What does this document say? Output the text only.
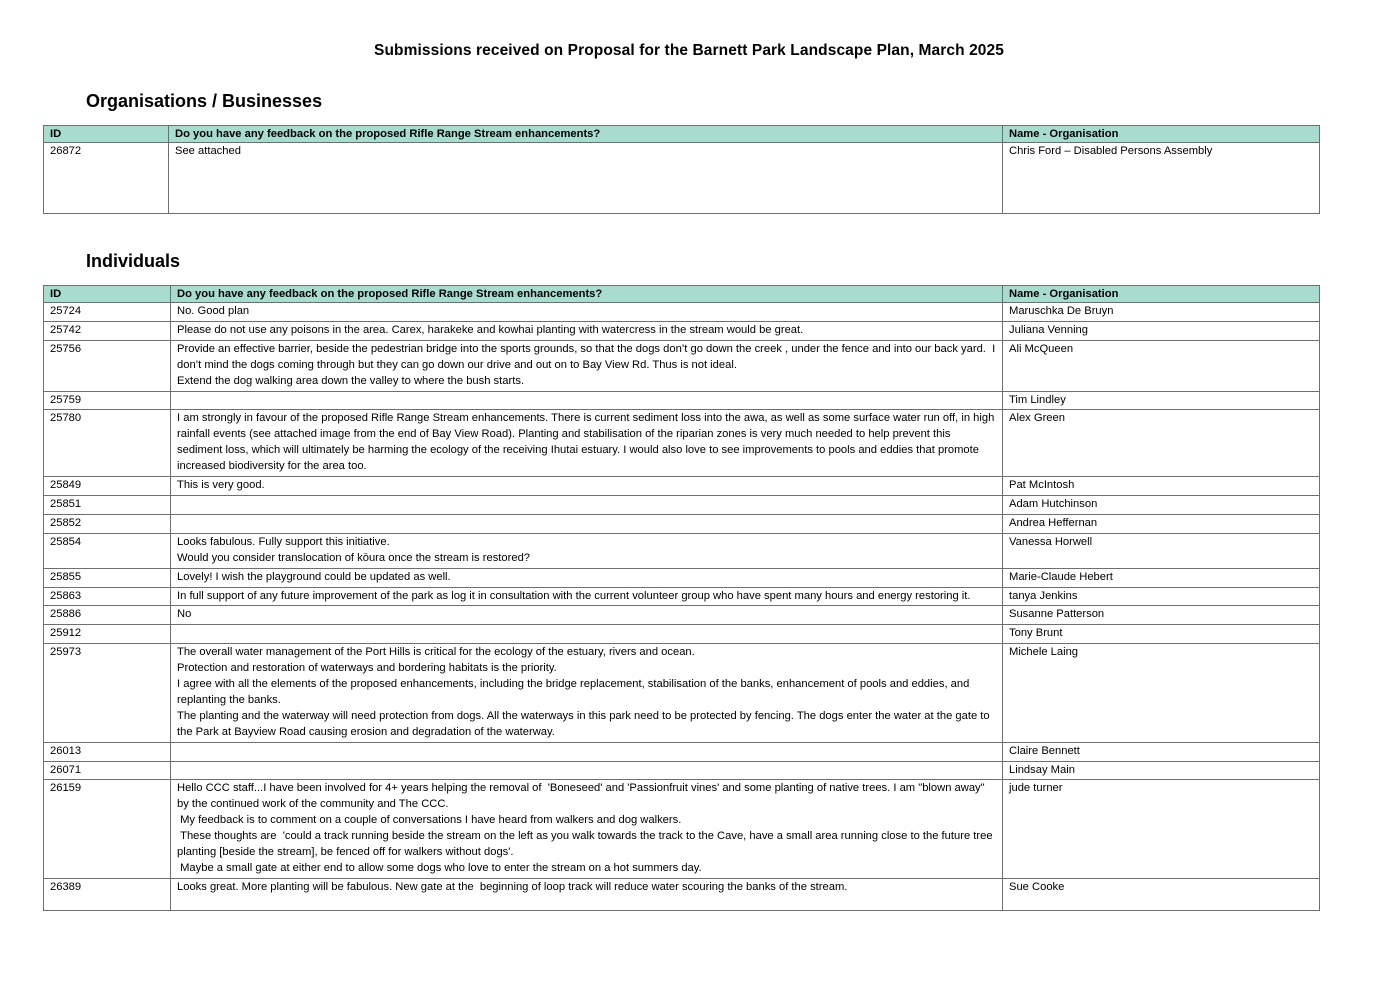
Submissions received on Proposal for the Barnett Park Landscape Plan, March 2025
Organisations / Businesses
ID	Do you have any feedback on the proposed Rifle Range Stream enhancements?	Name - Organisation
26872	See attached	Chris Ford – Disabled Persons Assembly
Individuals
ID	Do you have any feedback on the proposed Rifle Range Stream enhancements?	Name - Organisation
25724	No. Good plan	Maruschka De Bruyn
25742	Please do not use any poisons in the area. Carex, harakeke and kowhai planting with watercress in the stream would be great.	Juliana Venning
25756	Provide an effective barrier, beside the pedestrian bridge into the sports grounds, so that the dogs don’t go down the creek , under the fence and into our back yard.  I don’t mind the dogs coming through but they can go down our drive and out on to Bay View Rd. Thus is not ideal.
Extend the dog walking area down the valley to where the bush starts.	Ali McQueen
25759		Tim Lindley
25780	I am strongly in favour of the proposed Rifle Range Stream enhancements. There is current sediment loss into the awa, as well as some surface water run off, in high rainfall events (see attached image from the end of Bay View Road). Planting and stabilisation of the riparian zones is very much needed to help prevent this sediment loss, which will ultimately be harming the ecology of the receiving Ihutai estuary. I would also love to see improvements to pools and eddies that promote increased biodiversity for the area too.	Alex Green
25849	This is very good.	Pat McIntosh
25851		Adam Hutchinson
25852		Andrea Heffernan
25854	Looks fabulous. Fully support this initiative.
Would you consider translocation of kōura once the stream is restored?	Vanessa Horwell
25855	Lovely! I wish the playground could be updated as well.	Marie-Claude Hebert
25863	In full support of any future improvement of the park as log it in consultation with the current volunteer group who have spent many hours and energy restoring it.	tanya Jenkins
25886	No	Susanne Patterson
25912		Tony Brunt
25973	The overall water management of the Port Hills is critical for the ecology of the estuary, rivers and ocean.
Protection and restoration of waterways and bordering habitats is the priority.
I agree with all the elements of the proposed enhancements, including the bridge replacement, stabilisation of the banks, enhancement of pools and eddies, and replanting the banks.
The planting and the waterway will need protection from dogs. All the waterways in this park need to be protected by fencing. The dogs enter the water at the gate to the Park at Bayview Road causing erosion and degradation of the waterway.	Michele Laing
26013		Claire Bennett
26071		Lindsay Main
26159	Hello CCC staff...I have been involved for 4+ years helping the removal of  'Boneseed' and 'Passionfruit vines' and some planting of native trees. I am "blown away" by the continued work of the community and The CCC.
My feedback is to comment on a couple of conversations I have heard from walkers and dog walkers.
These thoughts are  'could a track running beside the stream on the left as you walk towards the track to the Cave, have a small area running close to the future tree planting [beside the stream], be fenced off for walkers without dogs'.
Maybe a small gate at either end to allow some dogs who love to enter the stream on a hot summers day.	jude turner
26389	Looks great. More planting will be fabulous. New gate at the  beginning of loop track will reduce water scouring the banks of the stream.	Sue Cooke
